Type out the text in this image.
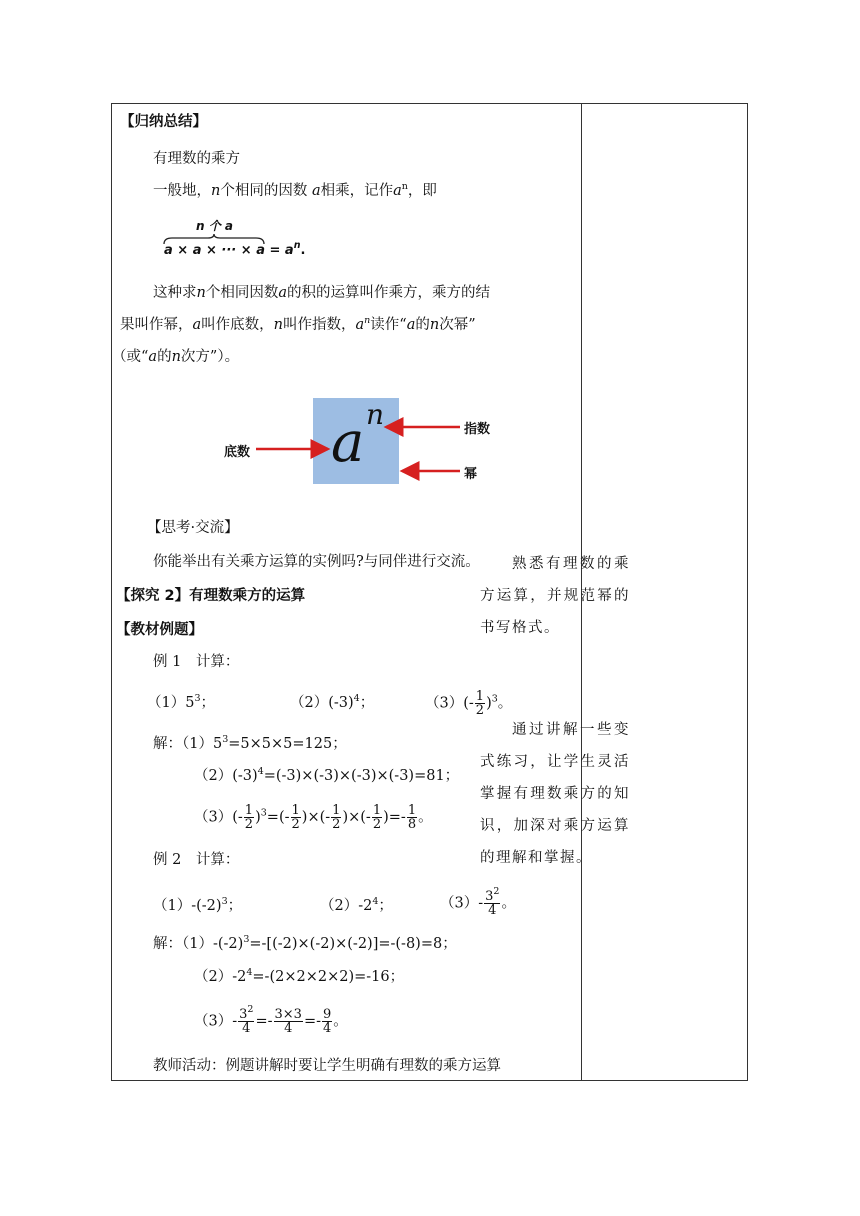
【归纳总结】
有理数的乘方
一般地，n个相同的因数 a相乘，记作$a^n$，即
n 个 a
a × a × ··· × $a = a^n$.
这种求n个相同因数a的积的运算叫作乘方，乘方的结
果叫作幂，a叫作底数，n叫作指数，$a^n$读作“a的n次幂”
（或“a的n次方”）。
a n
底数
指数
幂
【思考·交流】
你能举出有关乘方运算的实例吗?与同伴进行交流。
【探究 2】有理数乘方的运算
【教材例题】
例 1　计算：
$(1)5^3$；	$(2)(-3)^4$；	$(3)(- \frac{1}{2} )^3$。
解：$(1)5^3=5\times 5\times 5=125$；
$(2)(-3)^4=(-3)\times(-3)\times(-3)\times(-3)=81$；
$(3)(- \frac{1}{2} )^3=(- \frac{1}{2}$ )×(- $\frac{1}{2}$ )×(- $\frac{1}{2}$ )=- $\frac{1}{8}$ 。
例 2　计算：
$(1)-(-2)^3$；	$(2)-2^4$；	$(3)- \frac{3^2}{4}$ 。
解：$(1)-(-2)^3=-[(-2)\times(-2)\times(-2)]=-(-8)=8$；
$(2)-2^4=-(2\times 2\times 2\times 2)=-16$；
$(3)- \frac{3^2}{4} =- \frac{3\times 3}{4} =- \frac{9}{4}$ 。
教师活动：例题讲解时要让学生明确有理数的乘方运算
熟悉有理数的乘方运算，并规范幂的书写格式。
通过讲解一些变式练习，让学生灵活掌握有理数乘方的知识，加深对乘方运算的理解和掌握。
